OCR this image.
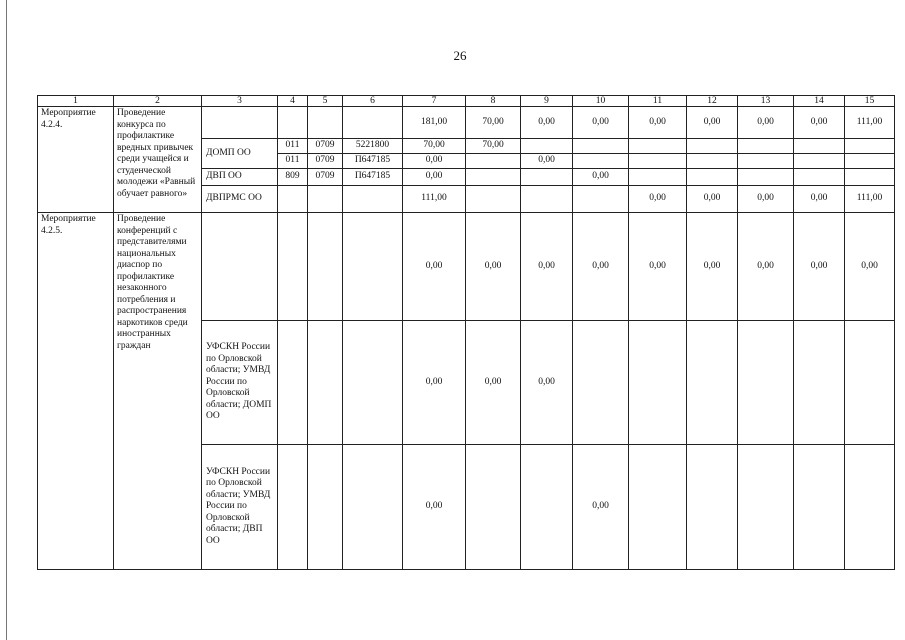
26
1	2	3	4	5	6	7	8	9	10	11	12	13	14	15
Мероприятие 4.2.4.	Проведение конкурса по профилактике вредных привычек среди учащейся и студенческой молодежи «Равный обучает равного»					181,00	70,00	0,00	0,00	0,00	0,00	0,00	0,00	111,00
		ДОМП ОО	011	0709	5221800	70,00	70,00							
			011	0709	П647185	0,00		0,00						
		ДВП ОО	809	0709	П647185	0,00			0,00					
		ДВПРМС ОО				111,00				0,00	0,00	0,00	0,00	111,00
Мероприятие 4.2.5.	Проведение конференций с представителями национальных диаспор по профилактике незаконного потребления и распространения наркотиков среди иностранных граждан					0,00	0,00	0,00	0,00	0,00	0,00	0,00	0,00	0,00
		УФСКН России по Орловской области; УМВД России по Орловской области; ДОМП ОО				0,00	0,00	0,00						
		УФСКН России по Орловской области; УМВД России по Орловской области; ДВП ОО				0,00			0,00					
